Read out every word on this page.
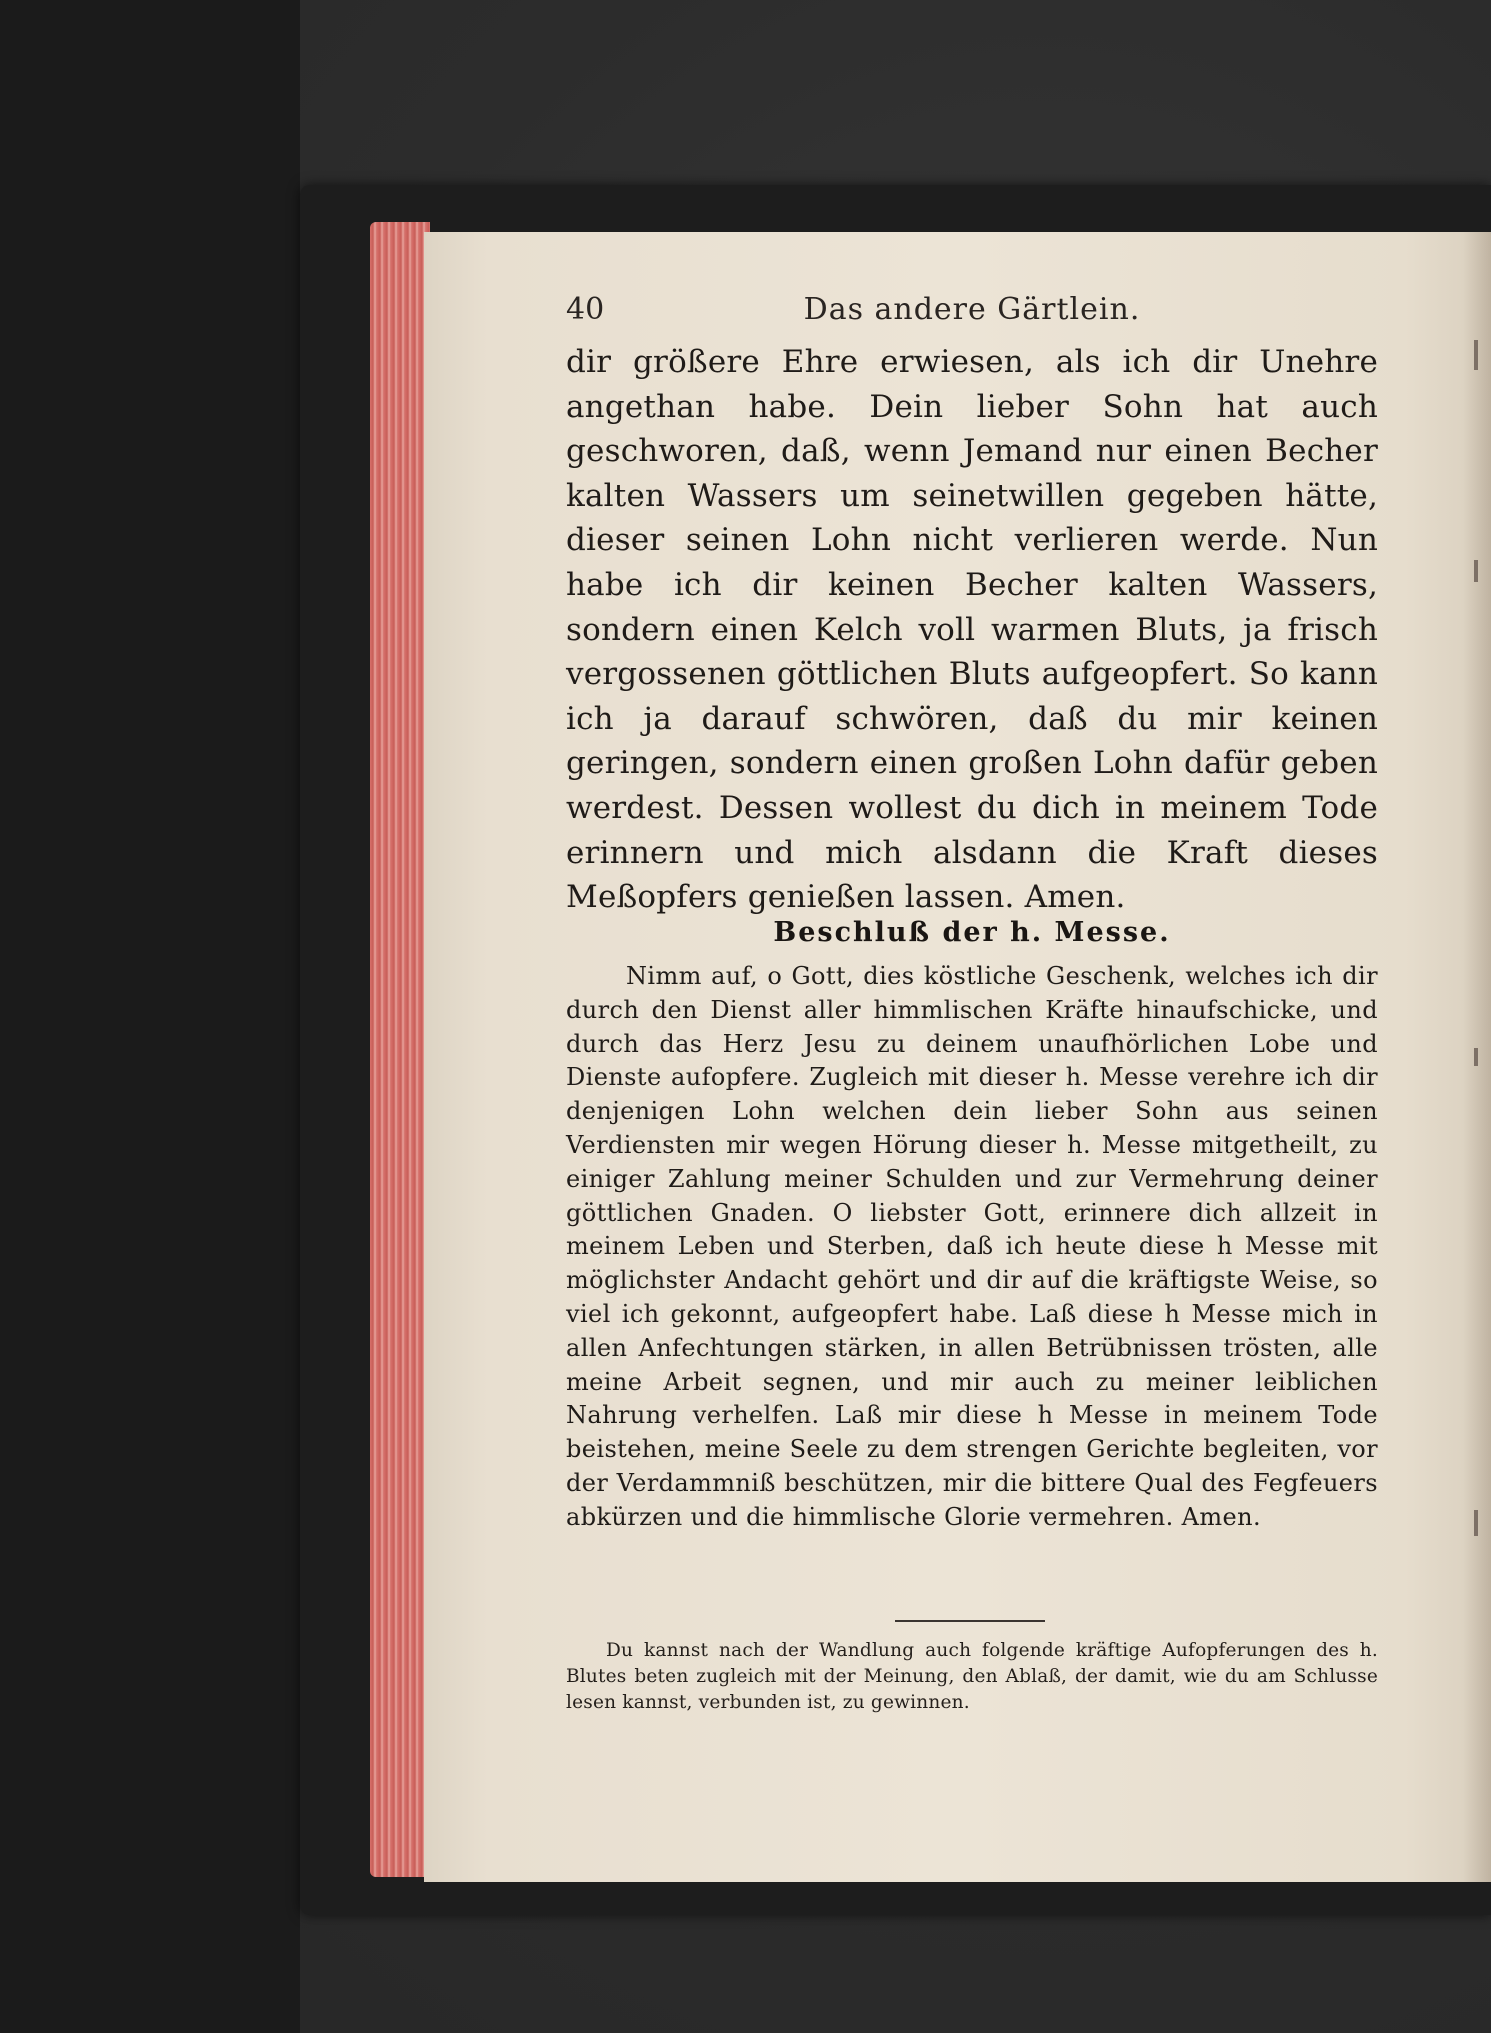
40	Das andere Gärtlein.
dir größere Ehre erwiesen, als ich dir Unehre angethan habe. Dein lieber Sohn hat auch geschworen, daß, wenn Jemand nur einen Becher kalten Wassers um seinetwillen gegeben hätte, dieser seinen Lohn nicht verlieren werde. Nun habe ich dir keinen Becher kalten Wassers, sondern einen Kelch voll warmen Bluts, ja frisch vergossenen göttlichen Bluts aufgeopfert. So kann ich ja darauf schwören, daß du mir keinen geringen, sondern einen großen Lohn dafür geben werdest. Dessen wollest du dich in meinem Tode erinnern und mich alsdann die Kraft dieses Meßopfers genießen lassen. Amen.
Beschluß der h. Messe.
Nimm auf, o Gott, dies köstliche Geschenk, welches ich dir durch den Dienst aller himmlischen Kräfte hinaufschicke, und durch das Herz Jesu zu deinem unaufhörlichen Lobe und Dienste aufopfere. Zugleich mit dieser h. Messe verehre ich dir denjenigen Lohn welchen dein lieber Sohn aus seinen Verdiensten mir wegen Hörung dieser h. Messe mitgetheilt, zu einiger Zahlung meiner Schulden und zur Vermehrung deiner göttlichen Gnaden. O liebster Gott, erinnere dich allzeit in meinem Leben und Sterben, daß ich heute diese h Messe mit möglichster Andacht gehört und dir auf die kräftigste Weise, so viel ich gekonnt, aufgeopfert habe. Laß diese h Messe mich in allen Anfechtungen stärken, in allen Betrübnissen trösten, alle meine Arbeit segnen, und mir auch zu meiner leiblichen Nahrung verhelfen. Laß mir diese h Messe in meinem Tode beistehen, meine Seele zu dem strengen Gerichte begleiten, vor der Verdammniß beschützen, mir die bittere Qual des Fegfeuers abkürzen und die himmlische Glorie vermehren. Amen.
Du kannst nach der Wandlung auch folgende kräftige Aufopferungen des h. Blutes beten zugleich mit der Meinung, den Ablaß, der damit, wie du am Schlusse lesen kannst, verbunden ist, zu gewinnen.
